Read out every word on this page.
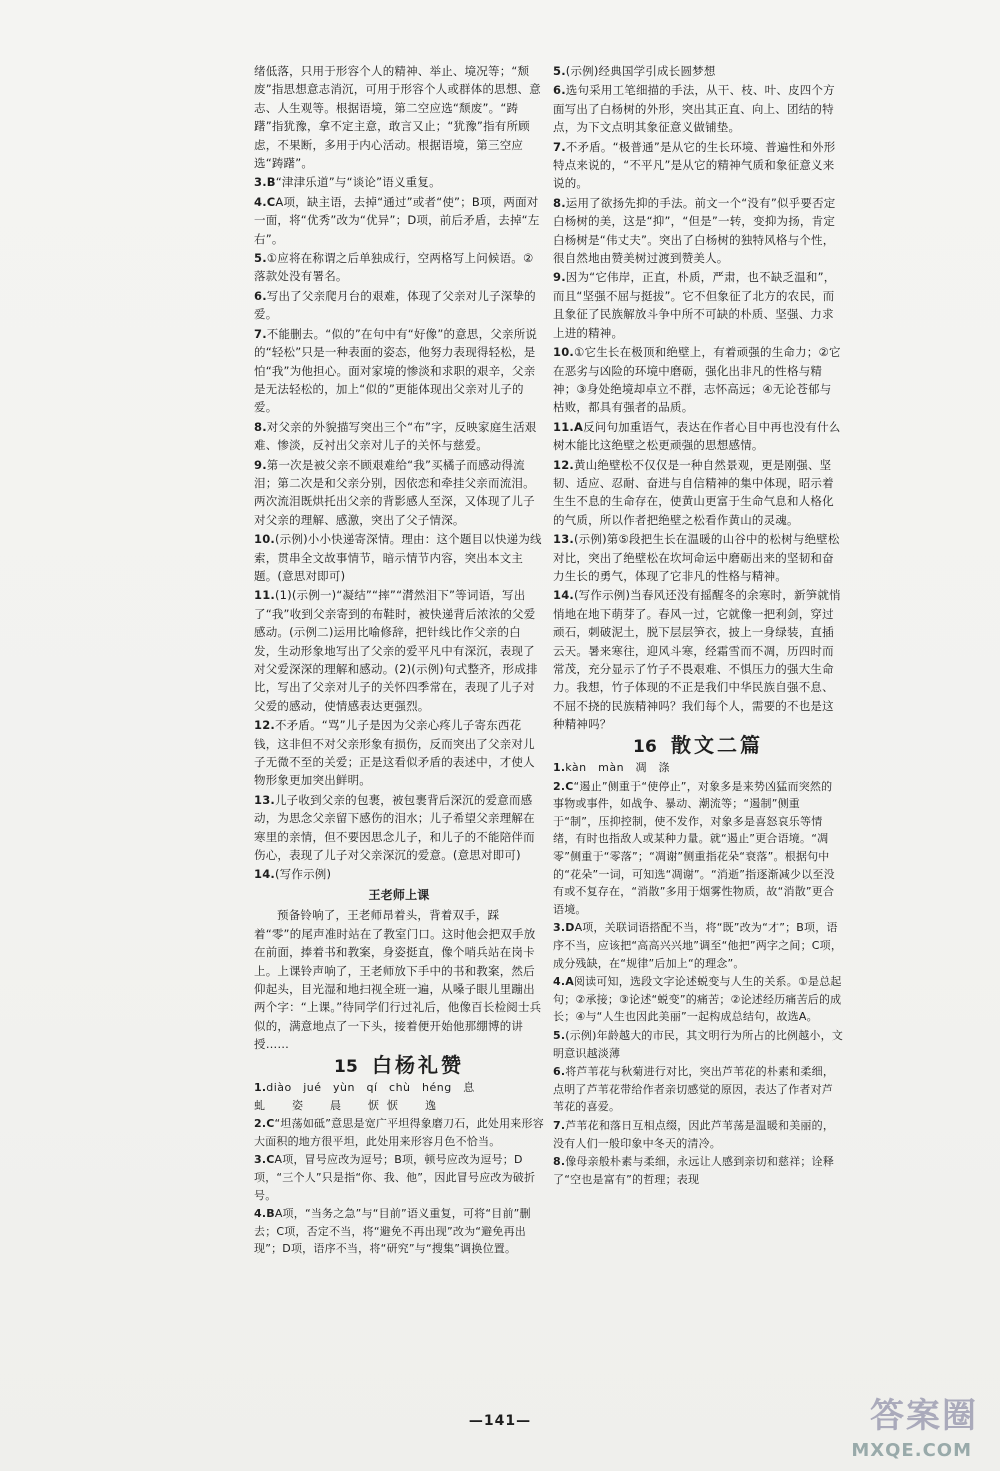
绪低落，只用于形容个人的精神、举止、境况等；“颓废”指思想意志消沉，可用于形容个人或群体的思想、意志、人生观等。根据语境，第二空应选“颓废”。“踌躇”指犹豫，拿不定主意，敢言又止；“犹豫”指有所顾虑，不果断，多用于内心活动。根据语境，第三空应选“踌躇”。
3.B“津津乐道”与“谈论”语义重复。
4.CA项，缺主语，去掉“通过”或者“使”；B项，两面对一面，将“优秀”改为“优异”；D项，前后矛盾，去掉“左右”。
5.①应将在称谓之后单独成行，空两格写上问候语。②落款处没有署名。
6.写出了父亲爬月台的艰难，体现了父亲对儿子深挚的爱。
7.不能删去。“似的”在句中有“好像”的意思，父亲所说的“轻松”只是一种表面的姿态，他努力表现得轻松，是怕“我”为他担心。面对家境的惨淡和求职的艰辛，父亲是无法轻松的，加上“似的”更能体现出父亲对儿子的爱。
8.对父亲的外貌描写突出三个“布”字，反映家庭生活艰难、惨淡，反衬出父亲对儿子的关怀与慈爱。
9.第一次是被父亲不顾艰难给“我”买橘子而感动得流泪；第二次是和父亲分别，因依恋和牵挂父亲而流泪。两次流泪既烘托出父亲的背影感人至深，又体现了儿子对父亲的理解、感激，突出了父子情深。
10.(示例)小小快递寄深情。理由：这个题目以快递为线索，贯串全文故事情节，暗示情节内容，突出本文主题。(意思对即可)
11.(1)(示例一)“凝结”“摔”“潸然泪下”等词语，写出了“我”收到父亲寄到的布鞋时，被快递背后浓浓的父爱感动。(示例二)运用比喻修辞，把针线比作父亲的白发，生动形象地写出了父亲的爱平凡中有深沉，表现了对父爱深深的理解和感动。(2)(示例)句式整齐，形成排比，写出了父亲对儿子的关怀四季常在，表现了儿子对父爱的感动，使情感表达更强烈。
12.不矛盾。“骂”儿子是因为父亲心疼儿子寄东西花钱，这非但不对父亲形象有损伤，反而突出了父亲对儿子无微不至的关爱；正是这看似矛盾的表述中，才使人物形象更加突出鲜明。
13.儿子收到父亲的包裹，被包裹背后深沉的爱意而感动，为思念父亲留下感伤的泪水；儿子希望父亲理解在寒里的亲情，但不要因思念儿子，和儿子的不能陪伴而伤心，表现了儿子对父亲深沉的爱意。(意思对即可)
14.(写作示例)
王老师上课
预备铃响了，王老师昂着头，背着双手，踩着“零”的尾声准时站在了教室门口。这时他会把双手放在前面，捧着书和教案，身姿挺直，像个哨兵站在岗卡上。上课铃声响了，王老师放下手中的书和教案，然后仰起头，目光湿和地扫视全班一遍，从嗓子眼儿里蹦出两个字：“上课。”待同学们行过礼后，他像百长检阅士兵似的，满意地点了一下头，接着便开始他那绷博的讲授……
15 白杨礼赞
1.diào　jué　yùn　qí　chù　héng　息
虬　姿　晨　恹恹　逸
2.C“坦荡如砥”意思是宽广平坦得象磨刀石，此处用来形容大面积的地方很平坦，此处用来形容月色不恰当。
3.CA项，冒号应改为逗号；B项，顿号应改为逗号；D项，“三个人”只是指“你、我、他”，因此冒号应改为破折号。
4.BA项，“当务之急”与“目前”语义重复，可将“目前”删去；C项，否定不当，将“避免不再出现”改为“避免再出现”；D项，语序不当，将“研究”与“搜集”调换位置。
5.(示例)经典国学引成长圆梦想
6.选句采用工笔细描的手法，从干、枝、叶、皮四个方面写出了白杨树的外形，突出其正直、向上、团结的特点，为下文点明其象征意义做铺垫。
7.不矛盾。“极普通”是从它的生长环境、普遍性和外形特点来说的，“不平凡”是从它的精神气质和象征意义来说的。
8.运用了欲扬先抑的手法。前文一个“没有”似乎要否定白杨树的美，这是“抑”，“但是”一转，变抑为扬，肯定白杨树是“伟丈夫”。突出了白杨树的独特风格与个性，很自然地由赞美树过渡到赞美人。
9.因为“它伟岸，正直，朴质，严肃，也不缺乏温和”，而且“坚强不屈与挺拔”。它不但象征了北方的农民，而且象征了民族解放斗争中所不可缺的朴质、坚强、力求上进的精神。
10.①它生长在极顶和绝壁上，有着顽强的生命力；②它在恶劣与凶险的环境中磨砺，强化出非凡的性格与精神；③身处绝境却卓立不群，志怀高远；④无论苍郁与枯败，都具有强者的品质。
11.A反问句加重语气，表达在作者心目中再也没有什么树木能比这绝壁之松更顽强的思想感情。
12.黄山绝壁松不仅仅是一种自然景观，更是刚强、坚韧、适应、忍耐、奋进与自信精神的集中体现，昭示着生生不息的生命存在，使黄山更富于生命气息和人格化的气质，所以作者把绝壁之松看作黄山的灵魂。
13.(示例)第⑤段把生长在温暖的山谷中的松树与绝壁松对比，突出了绝壁松在坎坷命运中磨砺出来的坚韧和奋力生长的勇气，体现了它非凡的性格与精神。
14.(写作示例)当春风还没有摇醒冬的余寒时，新笋就悄悄地在地下萌芽了。春风一过，它就像一把利剑，穿过顽石，刺破泥土，脱下层层笋衣，披上一身绿装，直插云天。暑来寒往，迎风斗寒，经霜雪而不凋，历四时而常茂，充分显示了竹子不畏艰难、不惧压力的强大生命力。我想，竹子体现的不正是我们中华民族自强不息、不屈不挠的民族精神吗？我们每个人，需要的不也是这种精神吗？
16 散文二篇
1.kàn　màn　凋　涤
2.C“遏止”侧重于“使停止”，对象多是来势凶猛而突然的事物或事件，如战争、暴动、潮流等；“遏制”侧重于“制”，压抑控制，使不发作，对象多是喜怒哀乐等情绪，有时也指敌人或某种力量。就“遏止”更合语境。“凋零”侧重于“零落”；“凋谢”侧重指花朵“衰落”。根据句中的“花朵”一词，可知选“凋谢”。“消逝”指逐渐减少以至没有或不复存在，“消散”多用于烟雾性物质，故“消散”更合语境。
3.DA项，关联词语搭配不当，将“既”改为“才”；B项，语序不当，应该把“高高兴兴地”调至“他把”两字之间；C项，成分残缺，在“规律”后加上“的理念”。
4.A阅读可知，选段文字论述蜕变与人生的关系。①是总起句；②承接；③论述“蜕变”的痛苦；②论述经历痛苦后的成长；④与“人生也因此美丽”一起构成总结句，故选A。
5.(示例)年龄越大的市民，其文明行为所占的比例越小，文明意识越淡薄
6.将芦苇花与秋菊进行对比，突出芦苇花的朴素和柔细，点明了芦苇花带给作者亲切感觉的原因，表达了作者对芦苇花的喜爱。
7.芦苇花和落日互相点缀，因此芦苇荡是温暖和美丽的，没有人们一般印象中冬天的清冷。
8.像母亲般朴素与柔细，永远让人感到亲切和慈祥；诠释了“空也是富有”的哲理；表现
—141—	答案圈
MXQE.COM
